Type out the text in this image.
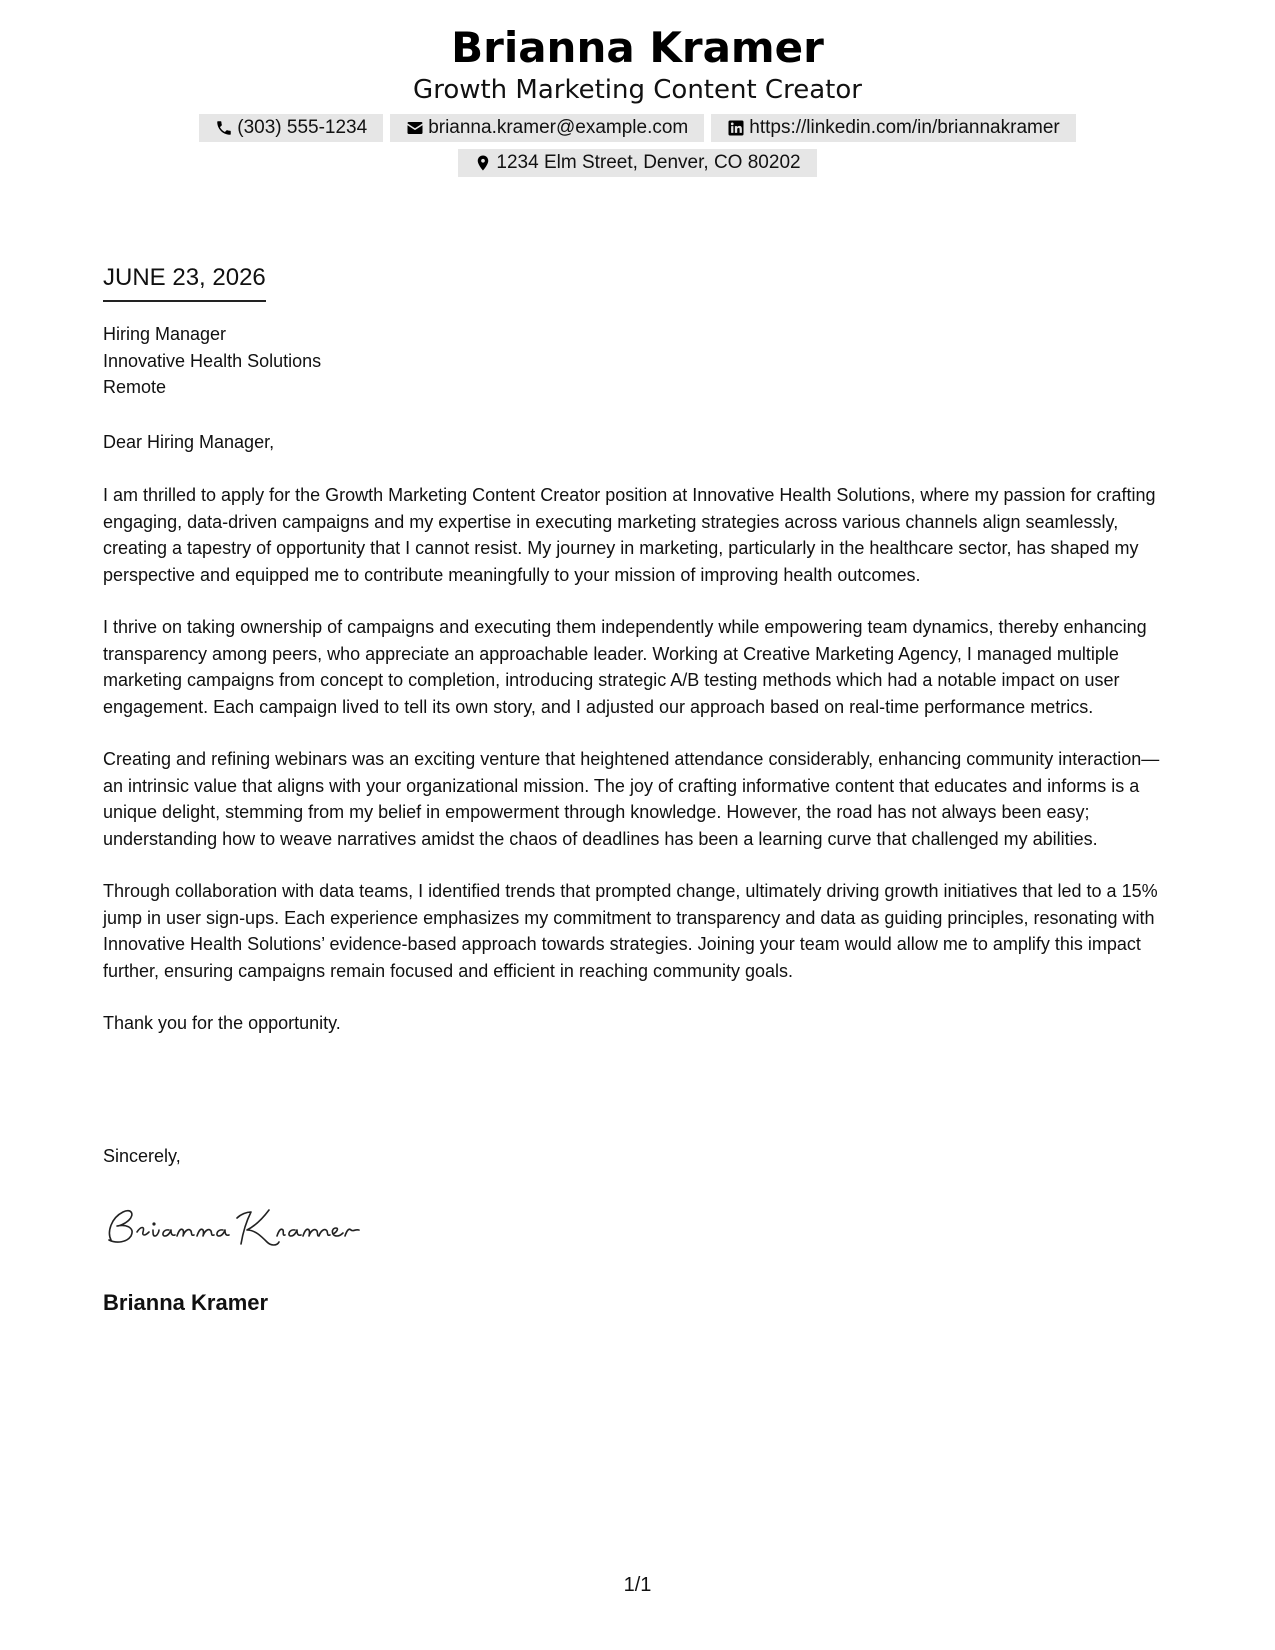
Brianna Kramer
Growth Marketing Content Creator
(303) 555-1234	brianna.kramer@example.com	https://linkedin.com/in/briannakramer
1234 Elm Street, Denver, CO 80202
JUNE 23, 2026
Hiring Manager
Innovative Health Solutions
Remote
Dear Hiring Manager,

I am thrilled to apply for the Growth Marketing Content Creator position at Innovative Health Solutions, where my passion for crafting engaging, data-driven campaigns and my expertise in executing marketing strategies across various channels align seamlessly, creating a tapestry of opportunity that I cannot resist. My journey in marketing, particularly in the healthcare sector, has shaped my perspective and equipped me to contribute meaningfully to your mission of improving health outcomes.

I thrive on taking ownership of campaigns and executing them independently while empowering team dynamics, thereby enhancing transparency among peers, who appreciate an approachable leader. Working at Creative Marketing Agency, I managed multiple marketing campaigns from concept to completion, introducing strategic A/B testing methods which had a notable impact on user engagement. Each campaign lived to tell its own story, and I adjusted our approach based on real-time performance metrics.

Creating and refining webinars was an exciting venture that heightened attendance considerably, enhancing community interaction—an intrinsic value that aligns with your organizational mission. The joy of crafting informative content that educates and informs is a unique delight, stemming from my belief in empowerment through knowledge. However, the road has not always been easy; understanding how to weave narratives amidst the chaos of deadlines has been a learning curve that challenged my abilities.

Through collaboration with data teams, I identified trends that prompted change, ultimately driving growth initiatives that led to a 15% jump in user sign-ups. Each experience emphasizes my commitment to transparency and data as guiding principles, resonating with Innovative Health Solutions’ evidence-based approach towards strategies. Joining your team would allow me to amplify this impact further, ensuring campaigns remain focused and efficient in reaching community goals.

Thank you for the opportunity.

Sincerely,
Brianna Kramer
1/1
